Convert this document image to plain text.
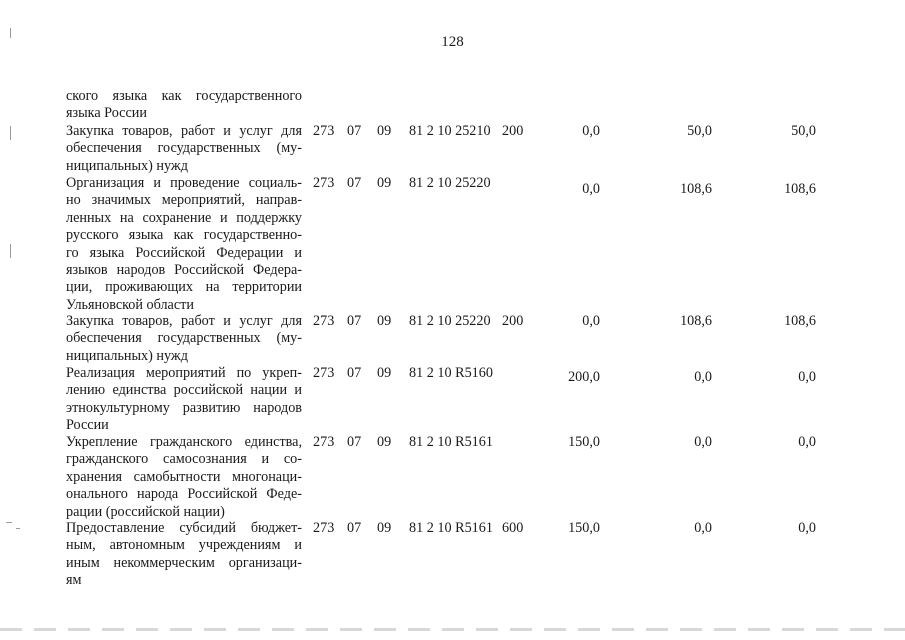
128
ского языка как государственного
языка России
Закупка товаров, работ и услуг для
обеспечения государственных (му-
ниципальных) нужд
273 07 09 81 2 10 25210 200	0,0	50,0	50,0
Организация и проведение социаль-
но значимых мероприятий, направ-
ленных на сохранение и поддержку
русского языка как государственно-
го языка Российской Федерации и
языков народов Российской Федера-
ции, проживающих на территории
Ульяновской области
273 07 09 81 2 10 25220	0,0	108,6	108,6
Закупка товаров, работ и услуг для
обеспечения государственных (му-
ниципальных) нужд
273 07 09 81 2 10 25220 200	0,0	108,6	108,6
Реализация мероприятий по укреп-
лению единства российской нации и
этнокультурному развитию народов
России
273 07 09 81 2 10 R5160	200,0	0,0	0,0
Укрепление гражданского единства,
гражданского самосознания и со-
хранения самобытности многонаци-
онального народа Российской Феде-
рации (российской нации)
273 07 09 81 2 10 R5161	150,0	0,0	0,0
Предоставление субсидий бюджет-
ным, автономным учреждениям и
иным некоммерческим организаци-
ям
273 07 09 81 2 10 R5161 600	150,0	0,0	0,0
